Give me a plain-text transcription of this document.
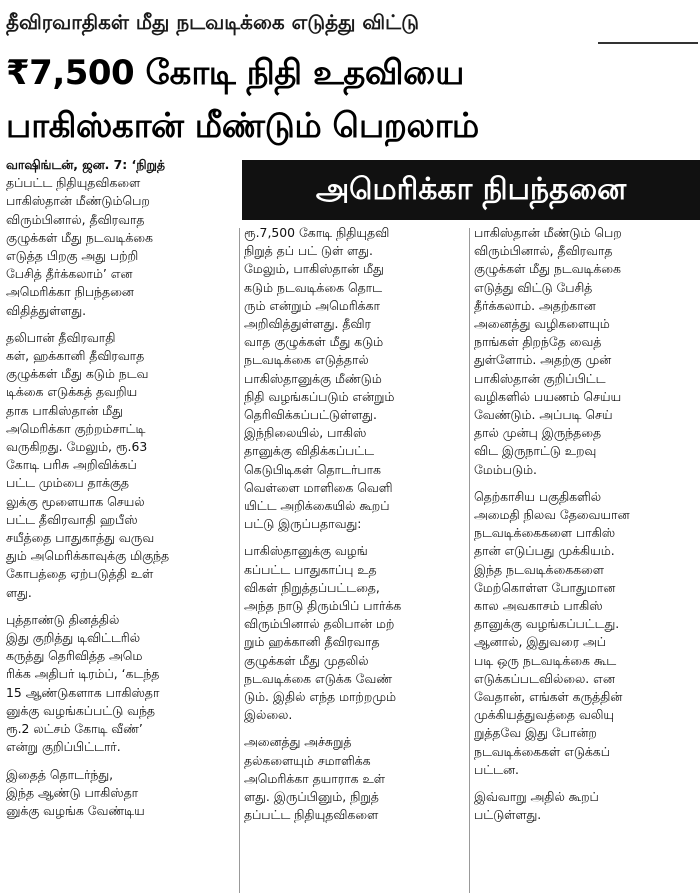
தீவிரவாதிகள் மீது நடவடிக்கை எடுத்து விட்டு
₹7,500 கோடி நிதி உதவியை
பாகிஸ்கான் மீண்டும் பெறலாம்
அமெரிக்கா நிபந்தனை

வாஷிங்டன், ஜன. 7: ‘நிறுத்

தப்பட்ட நிதியுதவிகளை

பாகிஸ்தான் மீண்டும்பெற

விரும்பினால், தீவிரவாத

குழுக்கள் மீது நடவடிக்கை

எடுத்த பிறகு அது பற்றி

பேசித் தீர்க்கலாம்’ என

அமெரிக்கா நிபந்தனை

விதித்துள்ளது.

தலிபான் தீவிரவாதி

கள், ஹக்கானி தீவிரவாத

குழுக்கள் மீது கடும் நடவ

டிக்கை எடுக்கத் தவறிய

தாக பாகிஸ்தான் மீது

அமெரிக்கா குற்றம்சாட்டி

வருகிறது. மேலும், ரூ.63

கோடி பரிசு அறிவிக்கப்

பட்ட மும்பை தாக்குத

லுக்கு மூளையாக செயல்

பட்ட தீவிரவாதி ஹபீஸ்

சயீத்தை பாதுகாத்து வருவ

தும் அமெரிக்காவுக்கு மிகுந்த

கோபத்தை ஏற்படுத்தி உள்

ளது.

புத்தாண்டு தினத்தில்

இது குறித்து டிவிட்டரில்

கருத்து தெரிவித்த அமெ

ரிக்க அதிபர் டிரம்ப், ‘கடந்த

15 ஆண்டுகளாக பாகிஸ்தா

னுக்கு வழங்கப்பட்டு வந்த

ரூ.2 லட்சம் கோடி வீண்’

என்று குறிப்பிட்டார்.

இதைத் தொடர்ந்து,

இந்த ஆண்டு பாகிஸ்தா

னுக்கு வழங்க வேண்டிய

ரூ.7,500 கோடி நிதியுதவி

நிறுத் தப் பட் டுள் ளது.

மேலும், பாகிஸ்தான் மீது

கடும் நடவடிக்கை தொட

ரும் என்றும் அமெரிக்கா

அறிவித்துள்ளது. தீவிர

வாத குழுக்கள் மீது கடும்

நடவடிக்கை எடுத்தால்

பாகிஸ்தானுக்கு மீண்டும்

நிதி வழங்கப்படும் என்றும்

தெரிவிக்கப்பட்டுள்ளது.

இந்நிலையில், பாகிஸ்

தானுக்கு விதிக்கப்பட்ட

கெடுபிடிகள் தொடர்பாக

வெள்ளை மாளிகை வெளி

யிட்ட அறிக்கையில் கூறப்

பட்டு இருப்பதாவது:

பாகிஸ்தானுக்கு வழங்

கப்பட்ட பாதுகாப்பு உத

விகள் நிறுத்தப்பட்டதை,

அந்த நாடு திரும்பிப் பார்க்க

விரும்பினால் தலிபான் மற்

றும் ஹக்கானி தீவிரவாத

குழுக்கள் மீது முதலில்

நடவடிக்கை எடுக்க வேண்

டும். இதில் எந்த மாற்றமும்

இல்லை.

அனைத்து அச்சுறுத்

தல்களையும் சமாளிக்க

அமெரிக்கா தயாராக உள்

ளது. இருப்பினும், நிறுத்

தப்பட்ட நிதியுதவிகளை

பாகிஸ்தான் மீண்டும் பெற

விரும்பினால், தீவிரவாத

குழுக்கள் மீது நடவடிக்கை

எடுத்து விட்டு பேசித்

தீர்க்கலாம். அதற்கான

அனைத்து வழிகளையும்

நாங்கள் திறந்தே வைத்

துள்ளோம். அதற்கு முன்

பாகிஸ்தான் குறிப்பிட்ட

வழிகளில் பயணம் செய்ய

வேண்டும். அப்படி செய்

தால் முன்பு இருந்ததை

விட இருநாட்டு உறவு

மேம்படும்.

தெற்காசிய பகுதிகளில்

அமைதி நிலவ தேவையான

நடவடிக்கைகளை பாகிஸ்

தான் எடுப்பது முக்கியம்.

இந்த நடவடிக்கைகளை

மேற்கொள்ள போதுமான

கால அவகாசம் பாகிஸ்

தானுக்கு வழங்கப்பட்டது.

ஆனால், இதுவரை அப்

படி ஒரு நடவடிக்கை கூட

எடுக்கப்படவில்லை. என

வேதான், எங்கள் கருத்தின்

முக்கியத்துவத்தை வலியு

றுத்தவே இது போன்ற

நடவடிக்கைகள் எடுக்கப்

பட்டன.

இவ்வாறு அதில் கூறப்

பட்டுள்ளது.
